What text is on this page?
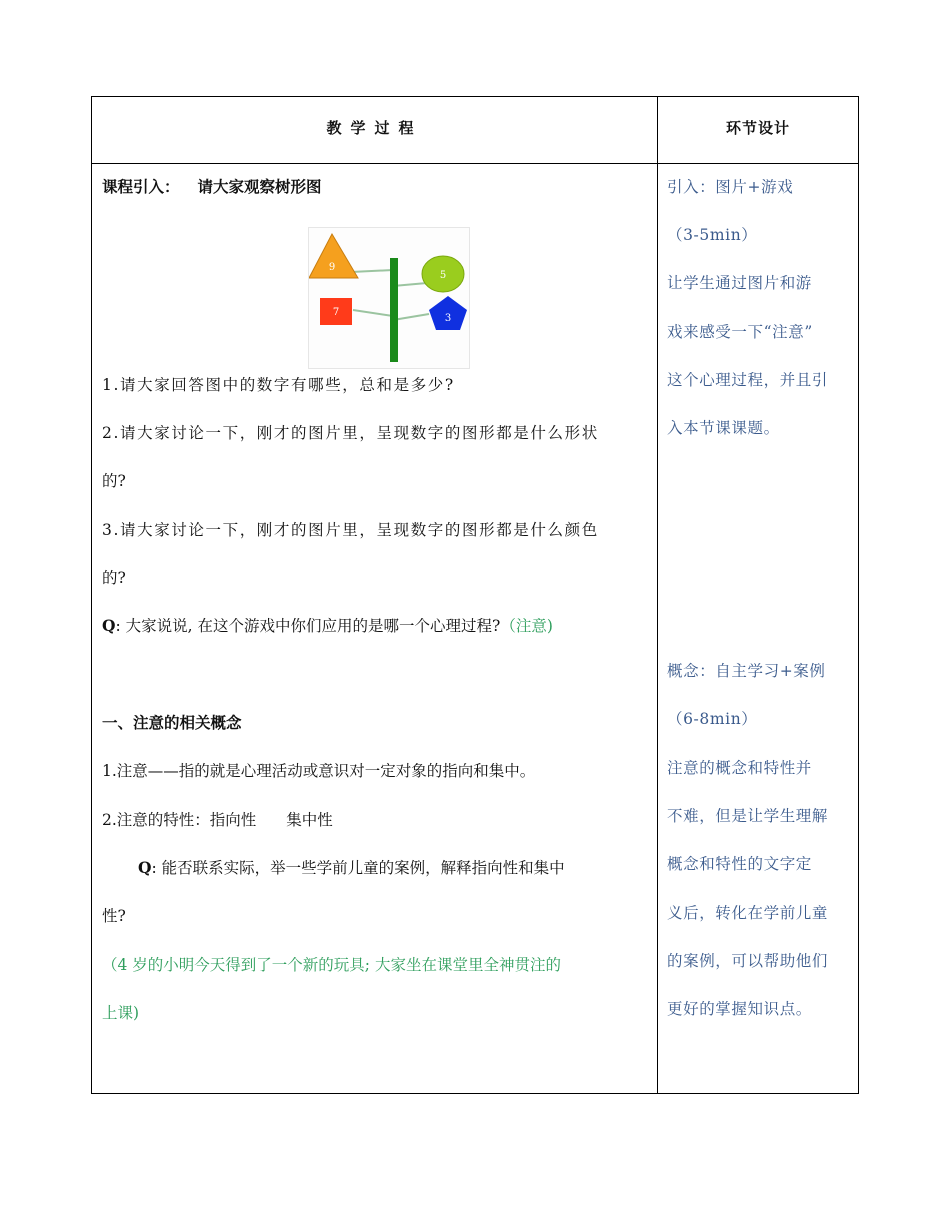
教学过程	环节设计
课程引入： 请大家观察树形图
9
5
7
3
1.请大家回答图中的数字有哪些，总和是多少?
2.请大家讨论一下，刚才的图片里，呈现数字的图形都是什么形状
的?
3.请大家讨论一下，刚才的图片里，呈现数字的图形都是什么颜色
的?
Q: 大家说说, 在这个游戏中你们应用的是哪一个心理过程?（注意)
一、注意的相关概念
1.注意——指的就是心理活动或意识对一定对象的指向和集中。
2.注意的特性：指向性 集中性
Q: 能否联系实际，举一些学前儿童的案例，解释指向性和集中
性?
（4 岁的小明今天得到了一个新的玩具; 大家坐在课堂里全神贯注的
上课)
引入：图片+游戏
（3-5min）
让学生通过图片和游
戏来感受一下“注意”
这个心理过程，并且引
入本节课课题。
概念：自主学习+案例
（6-8min）
注意的概念和特性并
不难，但是让学生理解
概念和特性的文字定
义后，转化在学前儿童
的案例，可以帮助他们
更好的掌握知识点。
